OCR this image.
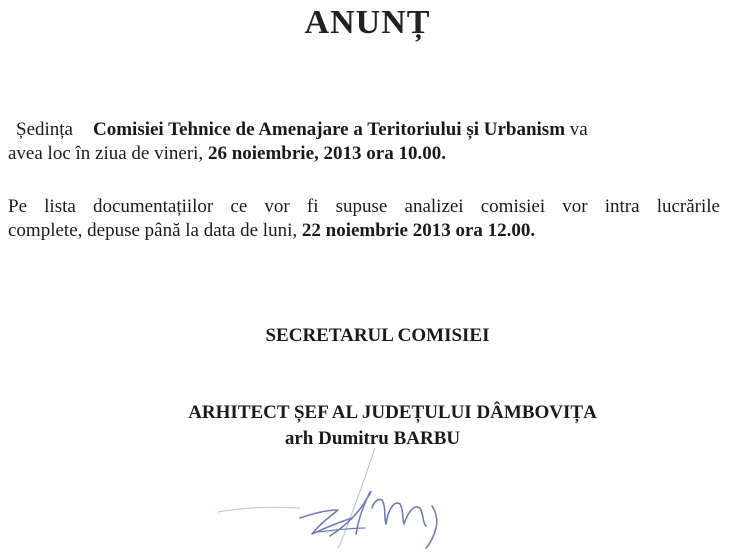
ANUNȚ
Ședința Comisiei Tehnice de Amenajare a Teritoriului și Urbanism va
avea loc în ziua de vineri, 26 noiembrie, 2013 ora 10.00.
Pe lista documentațiilor ce vor fi supuse analizei comisiei vor intra lucrările
complete, depuse până la data de luni, 22 noiembrie 2013 ora 12.00.
SECRETARUL COMISIEI
ARHITECT ȘEF AL JUDEȚULUI DÂMBOVIȚA
arh Dumitru BARBU
